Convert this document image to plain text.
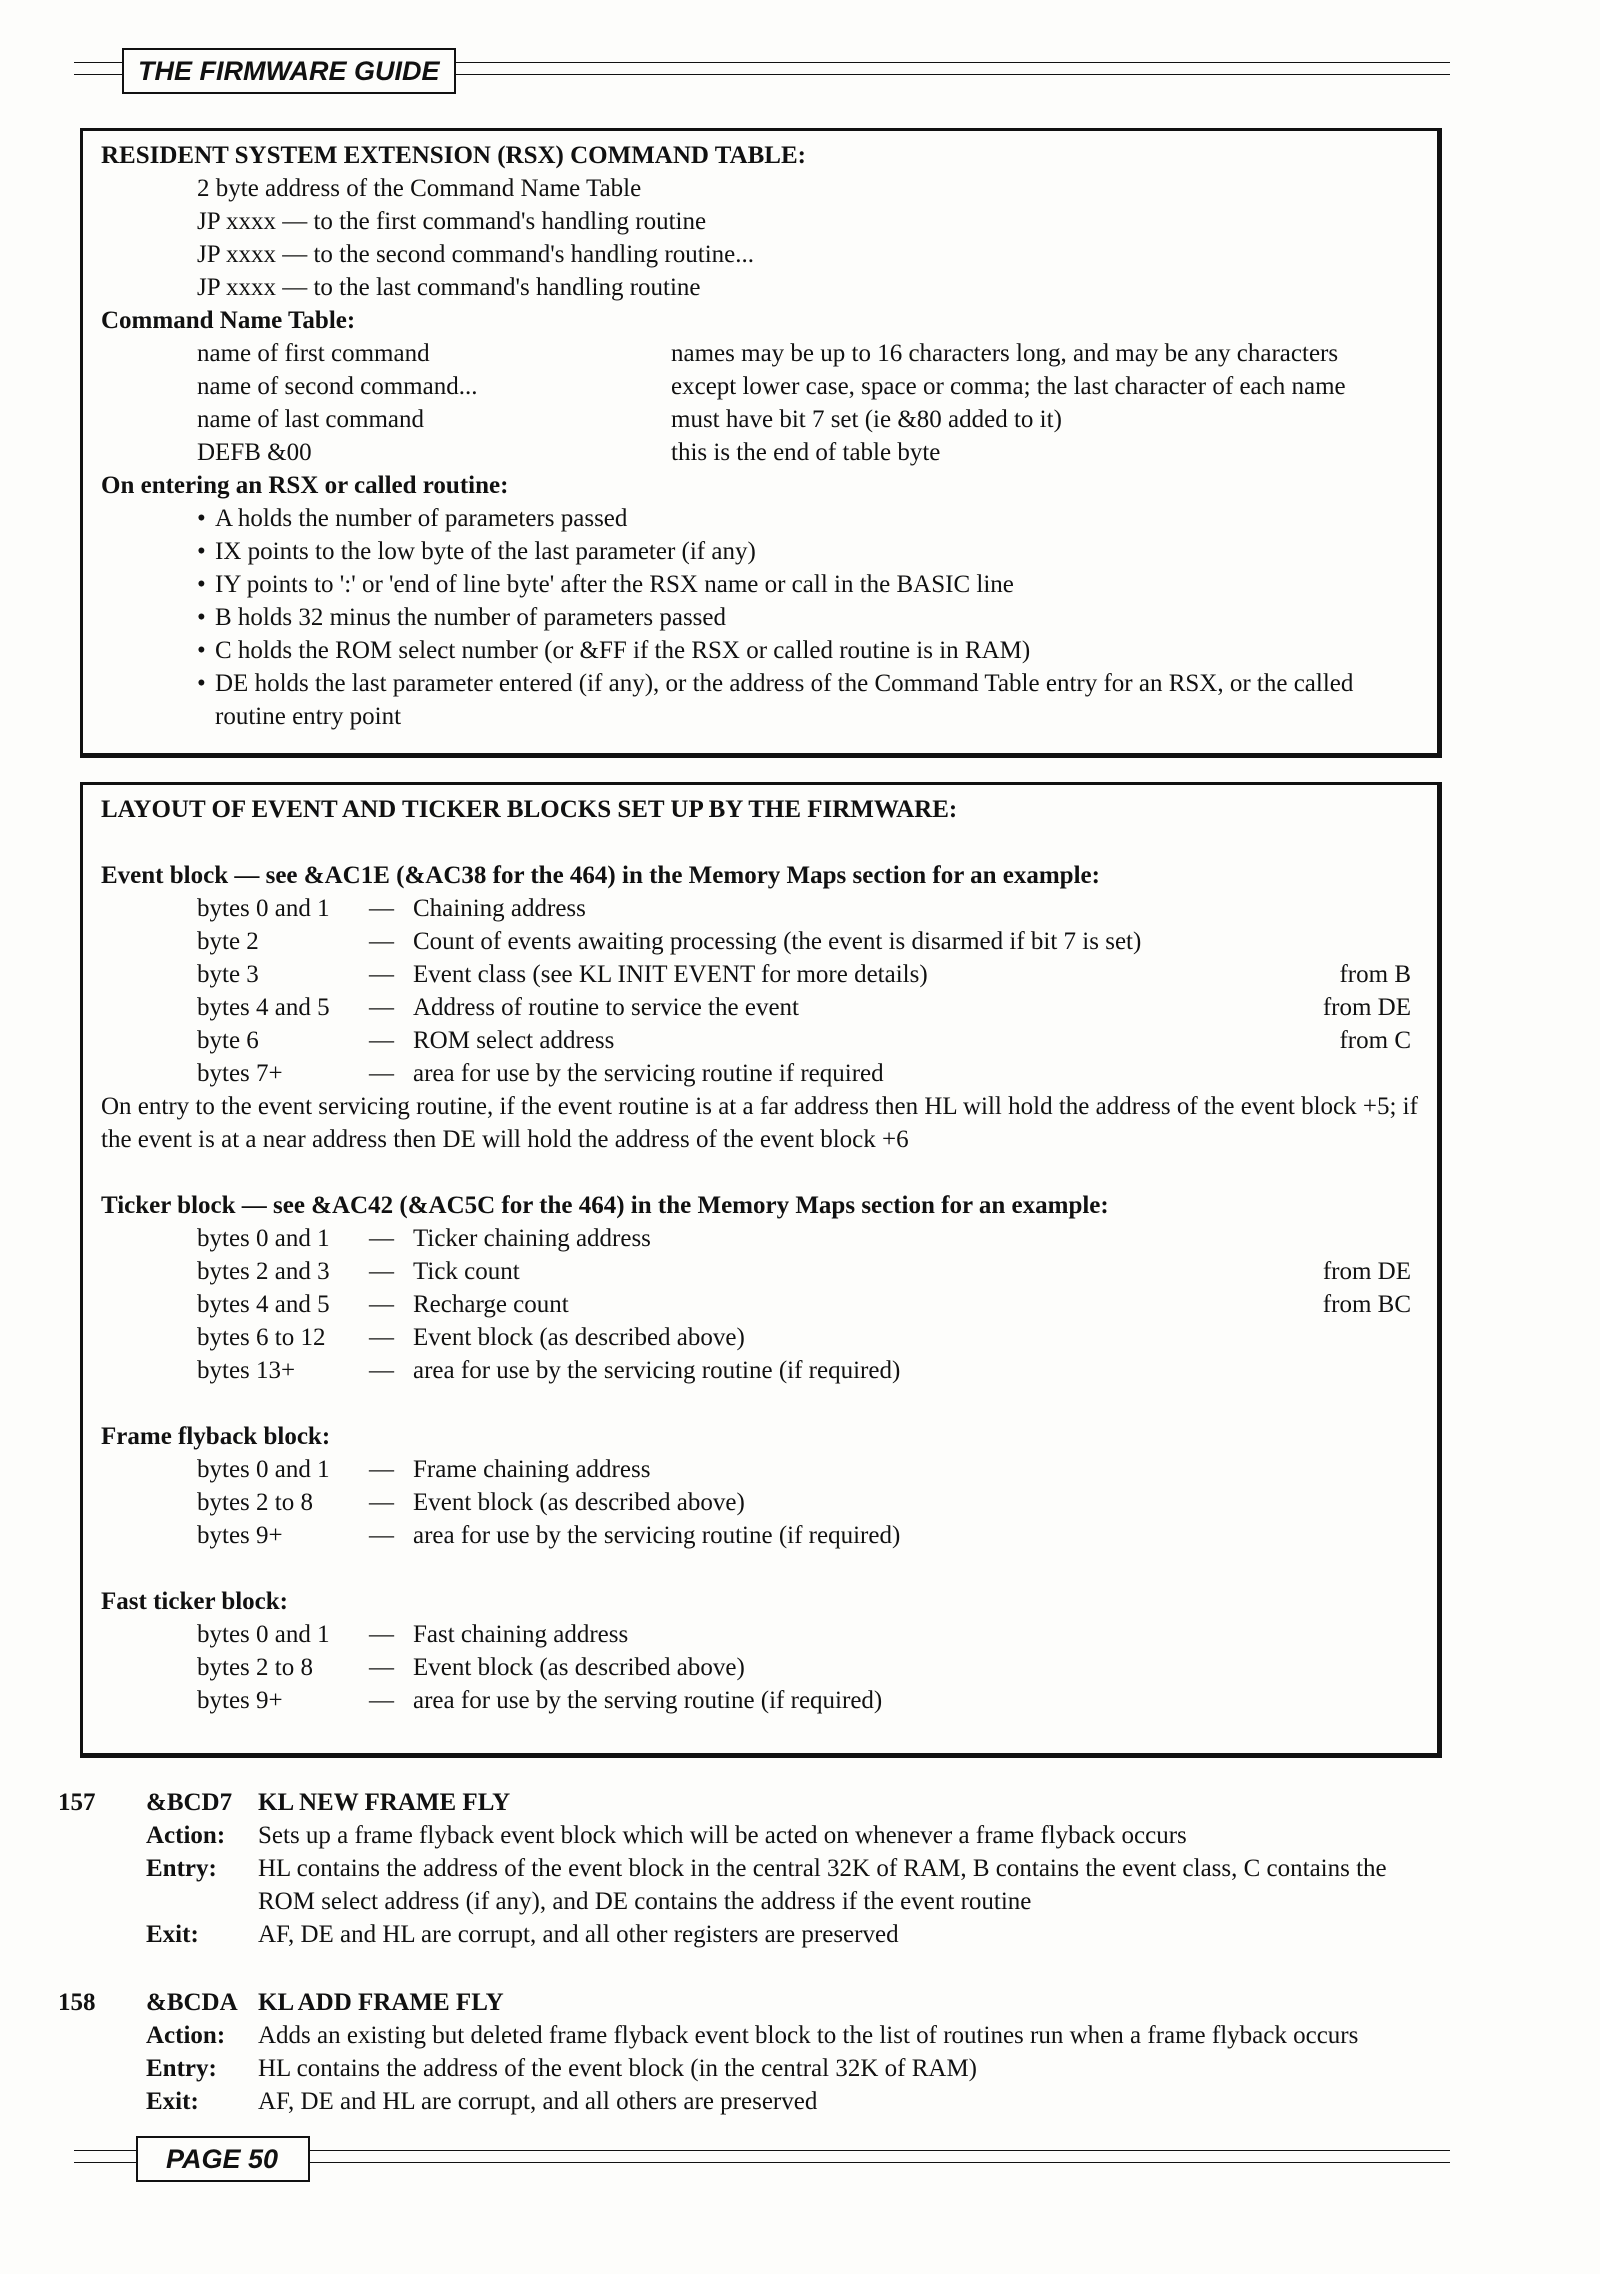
THE FIRMWARE GUIDE
RESIDENT SYSTEM EXTENSION (RSX) COMMAND TABLE:
2 byte address of the Command Name Table
JP xxxx — to the first command's handling routine
JP xxxx — to the second command's handling routine...
JP xxxx — to the last command's handling routine
Command Name Table:
name of first command	names may be up to 16 characters long, and may be any characters
name of second command...	except lower case, space or comma; the last character of each name
name of last command	must have bit 7 set (ie &80 added to it)
DEFB &00	this is the end of table byte
On entering an RSX or called routine:
• A holds the number of parameters passed
• IX points to the low byte of the last parameter (if any)
• IY points to ':' or 'end of line byte' after the RSX name or call in the BASIC line
• B holds 32 minus the number of parameters passed
• C holds the ROM select number (or &FF if the RSX or called routine is in RAM)
• DE holds the last parameter entered (if any), or the address of the Command Table entry for an RSX, or the called routine entry point
LAYOUT OF EVENT AND TICKER BLOCKS SET UP BY THE FIRMWARE:
Event block — see &AC1E (&AC38 for the 464) in the Memory Maps section for an example:
bytes 0 and 1	— Chaining address
byte 2	— Count of events awaiting processing (the event is disarmed if bit 7 is set)
byte 3	— Event class (see KL INIT EVENT for more details)	from B
bytes 4 and 5	— Address of routine to service the event	from DE
byte 6	— ROM select address	from C
bytes 7+	— area for use by the servicing routine if required
On entry to the event servicing routine, if the event routine is at a far address then HL will hold the address of the event block +5; if the event is at a near address then DE will hold the address of the event block +6
Ticker block — see &AC42 (&AC5C for the 464) in the Memory Maps section for an example:
bytes 0 and 1	— Ticker chaining address
bytes 2 and 3	— Tick count	from DE
bytes 4 and 5	— Recharge count	from BC
bytes 6 to 12	— Event block (as described above)
bytes 13+	— area for use by the servicing routine (if required)
Frame flyback block:
bytes 0 and 1	— Frame chaining address
bytes 2 to 8	— Event block (as described above)
bytes 9+	— area for use by the servicing routine (if required)
Fast ticker block:
bytes 0 and 1	— Fast chaining address
bytes 2 to 8	— Event block (as described above)
bytes 9+	— area for use by the serving routine (if required)
157	&BCD7	KL NEW FRAME FLY
Action:	Sets up a frame flyback event block which will be acted on whenever a frame flyback occurs
Entry:	HL contains the address of the event block in the central 32K of RAM, B contains the event class, C contains the ROM select address (if any), and DE contains the address if the event routine
Exit:	AF, DE and HL are corrupt, and all other registers are preserved
158	&BCDA KL ADD FRAME FLY
Action:	Adds an existing but deleted frame flyback event block to the list of routines run when a frame flyback occurs
Entry:	HL contains the address of the event block (in the central 32K of RAM)
Exit:	AF, DE and HL are corrupt, and all others are preserved
PAGE 50
